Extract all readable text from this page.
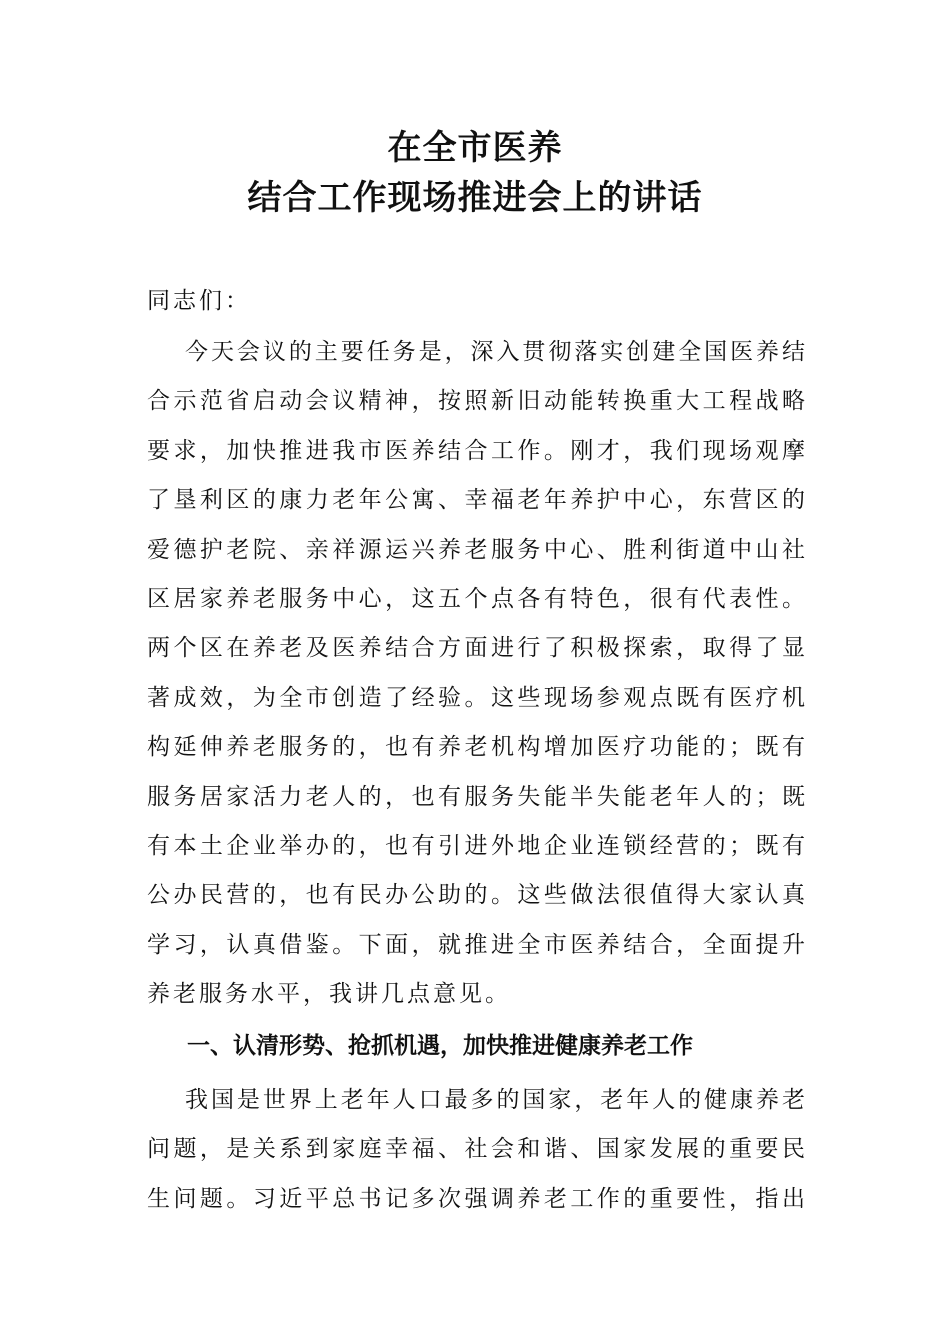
在全市医养
结合工作现场推进会上的讲话
同志们：
今天会议的主要任务是，深入贯彻落实创建全国医养结
合示范省启动会议精神，按照新旧动能转换重大工程战略
要求，加快推进我市医养结合工作。刚才，我们现场观摩
了垦利区的康力老年公寓、幸福老年养护中心，东营区的
爱德护老院、亲祥源运兴养老服务中心、胜利街道中山社
区居家养老服务中心，这五个点各有特色，很有代表性。
两个区在养老及医养结合方面进行了积极探索，取得了显
著成效，为全市创造了经验。这些现场参观点既有医疗机
构延伸养老服务的，也有养老机构增加医疗功能的；既有
服务居家活力老人的，也有服务失能半失能老年人的；既
有本土企业举办的，也有引进外地企业连锁经营的；既有
公办民营的，也有民办公助的。这些做法很值得大家认真
学习，认真借鉴。下面，就推进全市医养结合，全面提升
养老服务水平，我讲几点意见。
一、认清形势、抢抓机遇，加快推进健康养老工作
我国是世界上老年人口最多的国家，老年人的健康养老
问题，是关系到家庭幸福、社会和谐、国家发展的重要民
生问题。习近平总书记多次强调养老工作的重要性，指出
